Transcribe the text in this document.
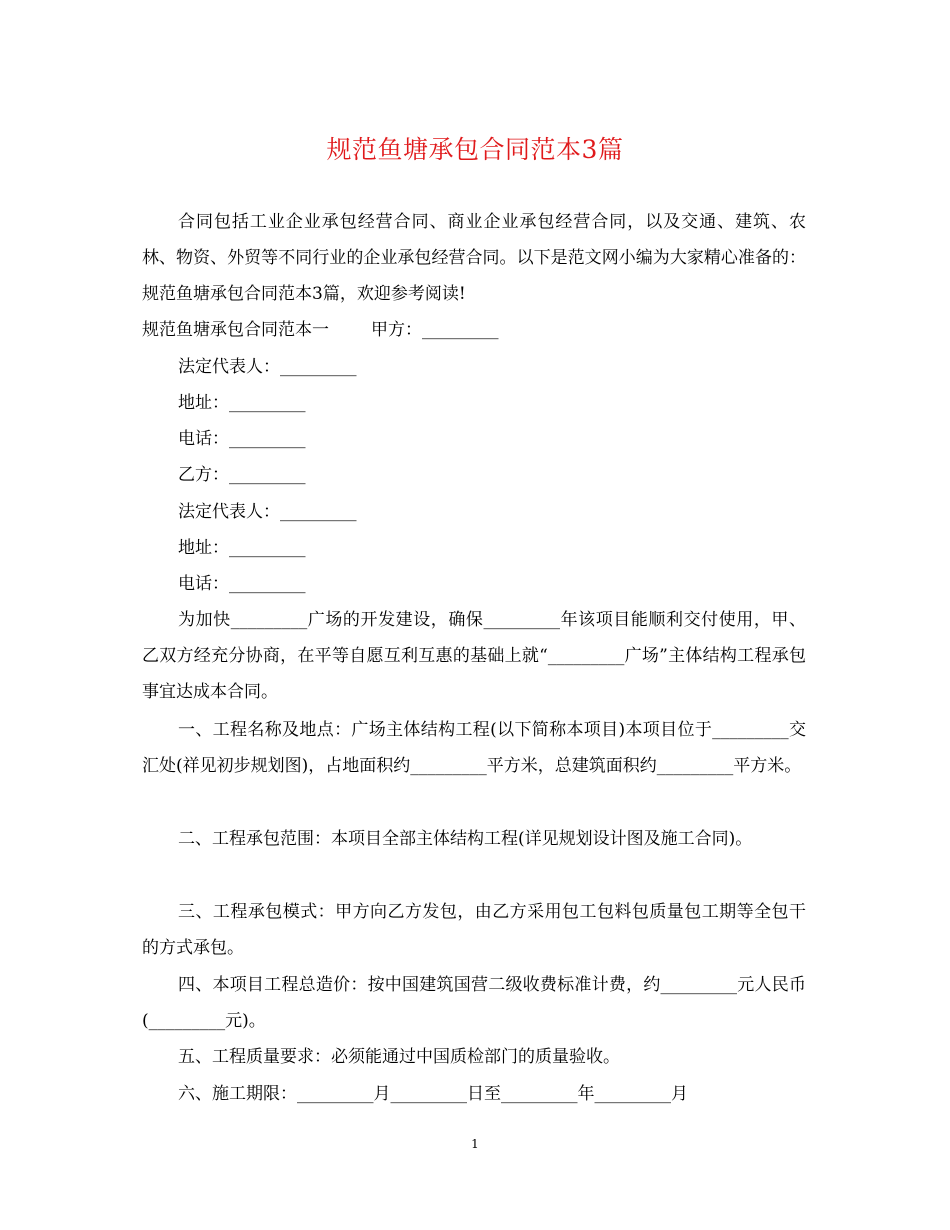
规范鱼塘承包合同范本3篇

合同包括工业企业承包经营合同、商业企业承包经营合同，以及交通、建筑、农林、物资、外贸等不同行业的企业承包经营合同。以下是范文网小编为大家精心准备的：规范鱼塘承包合同范本3篇，欢迎参考阅读!

规范鱼塘承包合同范本一 甲方：_________
法定代表人：_________
地址：_________
电话：_________
乙方：_________
法定代表人：_________
地址：_________
电话：_________

为加快_________广场的开发建设，确保_________年该项目能顺利交付使用，甲、乙双方经充分协商，在平等自愿互利互惠的基础上就“_________广场”主体结构工程承包事宜达成本合同。

一、工程名称及地点：广场主体结构工程(以下简称本项目)本项目位于_________交汇处(祥见初步规划图)，占地面积约_________平方米，总建筑面积约_________平方米。

二、工程承包范围：本项目全部主体结构工程(详见规划设计图及施工合同)。

三、工程承包模式：甲方向乙方发包，由乙方采用包工包料包质量包工期等全包干的方式承包。

四、本项目工程总造价：按中国建筑国营二级收费标准计费，约_________元人民币(_________元)。

五、工程质量要求：必须能通过中国质检部门的质量验收。
六、施工期限：_________月_________日至_________年_________月
1
